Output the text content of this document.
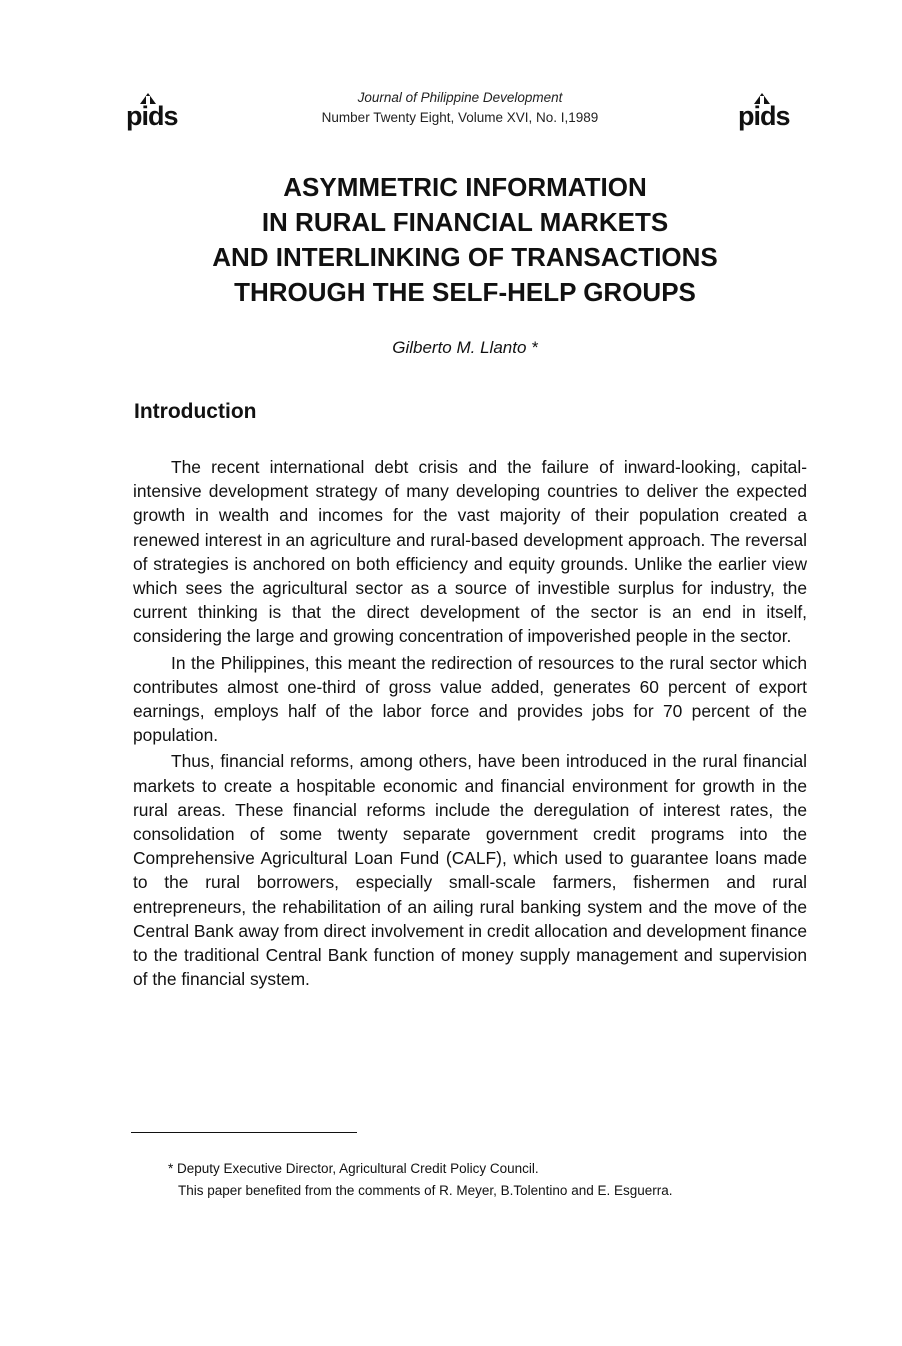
pids	pids
Journal of Philippine Development
Number Twenty Eight, Volume XVI, No. I,1989
ASYMMETRIC INFORMATION
IN RURAL FINANCIAL MARKETS
AND INTERLINKING OF TRANSACTIONS
THROUGH THE SELF-HELP GROUPS
Gilberto M. Llanto *
Introduction

The recent international debt crisis and the failure of inward-looking, capital-intensive development strategy of many developing countries to deliver the expected growth in wealth and incomes for the vast majority of their population created a renewed interest in an agriculture and rural-based development approach. The reversal of strategies is anchored on both efficiency and equity grounds. Unlike the earlier view which sees the agricultural sector as a source of investible surplus for industry, the current thinking is that the direct development of the sector is an end in itself, considering the large and growing concentration of impoverished people in the sector.

In the Philippines, this meant the redirection of resources to the rural sector which contributes almost one-third of gross value added, generates 60 percent of export earnings, employs half of the labor force and provides jobs for 70 percent of the population.

Thus, financial reforms, among others, have been introduced in the rural financial markets to create a hospitable economic and financial environment for growth in the rural areas. These financial reforms include the deregulation of interest rates, the consolidation of some twenty separate government credit programs into the Comprehensive Agricultural Loan Fund (CALF), which used to guarantee loans made to the rural borrowers, especially small-scale farmers, fishermen and rural entrepreneurs, the rehabilitation of an ailing rural banking system and the move of the Central Bank away from direct involvement in credit allocation and development finance to the traditional Central Bank function of money supply management and supervision of the financial system.

* Deputy Executive Director, Agricultural Credit Policy Council.
This paper benefited from the comments of R. Meyer, B.Tolentino and E. Esguerra.
